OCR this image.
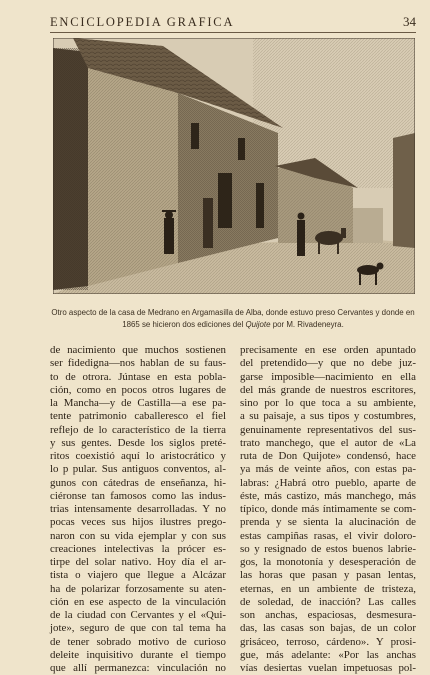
ENCICLOPEDIA GRAFICA	34
Otro aspecto de la casa de Medrano en Argamasilla de Alba, donde estuvo preso Cervantes y donde en 1865 se hicieron dos ediciones del Quijote por M. Rivadeneyra.
de nacimiento que muchos sostienen
ser fidedigna—nos hablan de su faus-
to de otrora. Júntase en esta pobla-
ción, como en pocos otros lugares de
la Mancha—y de Castilla—a ese pa-
tente patrimonio caballeresco el fiel
reflejo de lo característico de la tierra
y sus gentes. Desde los siglos preté-
ritos coexistió aquí lo aristocrático y
lo p pular. Sus antiguos conventos, al-
gunos con cátedras de enseñanza, hi-
ciéronse tan famosos como las indus-
trias intensamente desarrolladas. Y no
pocas veces sus hijos ilustres prego-
naron con su vida ejemplar y con sus
creaciones intelectivas la prócer es-
tirpe del solar nativo. Hoy día el ar-
tista o viajero que llegue a Alcázar
ha de polarizar forzosamente su aten-
ción en ese aspecto de la vinculación
de la ciudad con Cervantes y el «Qui-
jote», seguro de que con tal tema ha
de tener sobrado motivo de curioso
deleite inquisitivo durante el tiempo
que allí permanezca: vinculación no
precisamente en ese orden apuntado
del pretendido—y que no debe juz-
garse imposible—nacimiento en ella
del más grande de nuestros escritores,
sino por lo que toca a su ambiente,
a su paisaje, a sus tipos y costumbres,
genuinamente representativos del sus-
trato manchego, que el autor de «La
ruta de Don Quijote» condensó, hace
ya más de veinte años, con estas pa-
labras: ¿Habrá otro pueblo, aparte de
éste, más castizo, más manchego, más
típico, donde más íntimamente se com-
prenda y se sienta la alucinación de
estas campiñas rasas, el vivir doloro-
so y resignado de estos buenos labrie-
gos, la monotonía y desesperación de
las horas que pasan y pasan lentas,
eternas, en un ambiente de tristeza,
de soledad, de inacción? Las calles
son anchas, espaciosas, desmesura-
das, las casas son bajas, de un color
grisáceo, terroso, cárdeno». Y prosi-
gue, más adelante: «Por las anchas
vías desiertas vuelan impetuosas pol-
